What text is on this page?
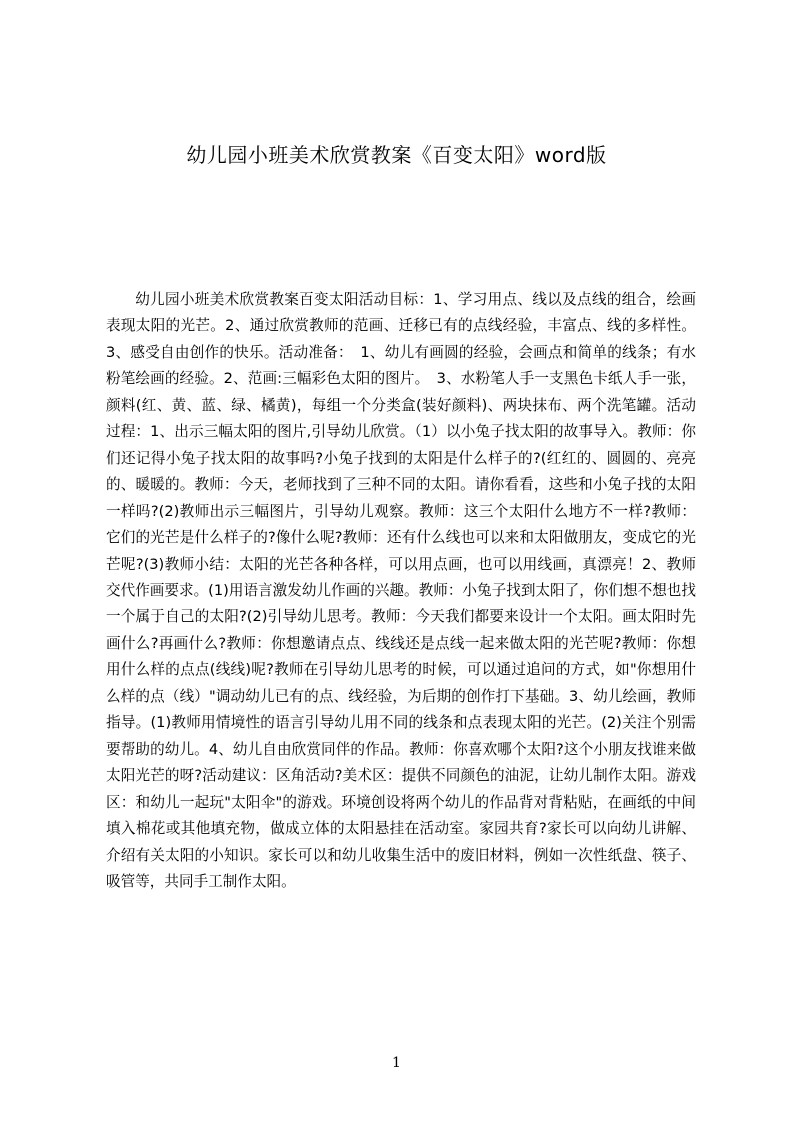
幼儿园小班美术欣赏教案《百变太阳》word版

幼儿园小班美术欣赏教案百变太阳活动目标：1、学习用点、线以及点线的组合，绘画表现太阳的光芒。2、通过欣赏教师的范画、迁移已有的点线经验，丰富点、线的多样性。3、感受自由创作的快乐。活动准备：　1、幼儿有画圆的经验，会画点和简单的线条；有水粉笔绘画的经验。2、范画:三幅彩色太阳的图片。　3、水粉笔人手一支黑色卡纸人手一张，颜料(红、黄、蓝、绿、橘黄)，每组一个分类盒(装好颜料)、两块抹布、两个洗笔罐。活动过程：1、出示三幅太阳的图片,引导幼儿欣赏。（1）以小兔子找太阳的故事导入。教师：你们还记得小兔子找太阳的故事吗?小兔子找到的太阳是什么样子的?(红红的、圆圆的、亮亮的、暖暖的。教师：今天，老师找到了三种不同的太阳。请你看看，这些和小兔子找的太阳一样吗?(2)教师出示三幅图片，引导幼儿观察。教师：这三个太阳什么地方不一样?教师：它们的光芒是什么样子的?像什么呢?教师：还有什么线也可以来和太阳做朋友，变成它的光芒呢?(3)教师小结：太阳的光芒各种各样，可以用点画，也可以用线画，真漂亮！2、教师交代作画要求。(1)用语言激发幼儿作画的兴趣。教师：小兔子找到太阳了，你们想不想也找一个属于自己的太阳?(2)引导幼儿思考。教师：今天我们都要来设计一个太阳。画太阳时先画什么?再画什么?教师：你想邀请点点、线线还是点线一起来做太阳的光芒呢?教师：你想用什么样的点点(线线)呢?教师在引导幼儿思考的时候，可以通过追问的方式，如"你想用什么样的点（线）"调动幼儿已有的点、线经验，为后期的创作打下基础。3、幼儿绘画，教师指导。(1)教师用情境性的语言引导幼儿用不同的线条和点表现太阳的光芒。(2)关注个别需要帮助的幼儿。4、幼儿自由欣赏同伴的作品。教师：你喜欢哪个太阳?这个小朋友找谁来做太阳光芒的呀?活动建议：区角活动?美术区：提供不同颜色的油泥，让幼儿制作太阳。游戏区：和幼儿一起玩"太阳伞"的游戏。环境创设将两个幼儿的作品背对背粘贴，在画纸的中间填入棉花或其他填充物，做成立体的太阳悬挂在活动室。家园共育?家长可以向幼儿讲解、介绍有关太阳的小知识。家长可以和幼儿收集生活中的废旧材料，例如一次性纸盘、筷子、吸管等，共同手工制作太阳。

1
